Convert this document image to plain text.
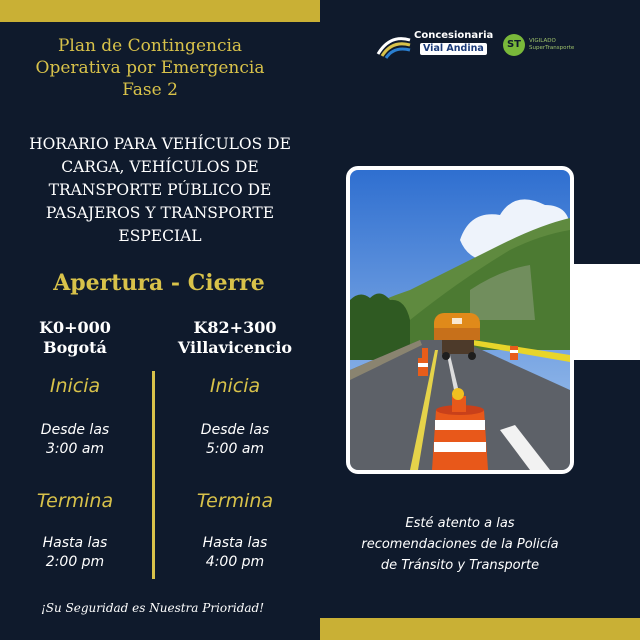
Plan de Contingencia
Operativa por Emergencia
Fase 2
HORARIO PARA VEHÍCULOS DE
CARGA, VEHÍCULOS DE
TRANSPORTE PÚBLICO DE
PASAJEROS Y TRANSPORTE
ESPECIAL
Apertura - Cierre
K0+000
Bogotá
Inicia
Desde las
3:00 am
Termina
Hasta las
2:00 pm
K82+300
Villavicencio
Inicia
Desde las
5:00 am
Termina
Hasta las
4:00 pm
¡Su Seguridad es Nuestra Prioridad!
Concesionaria
Vial Andina	ST	VIGILADO
SuperTransporte
Esté atento a las
recomendaciones de la Policía
de Tránsito y Transporte
